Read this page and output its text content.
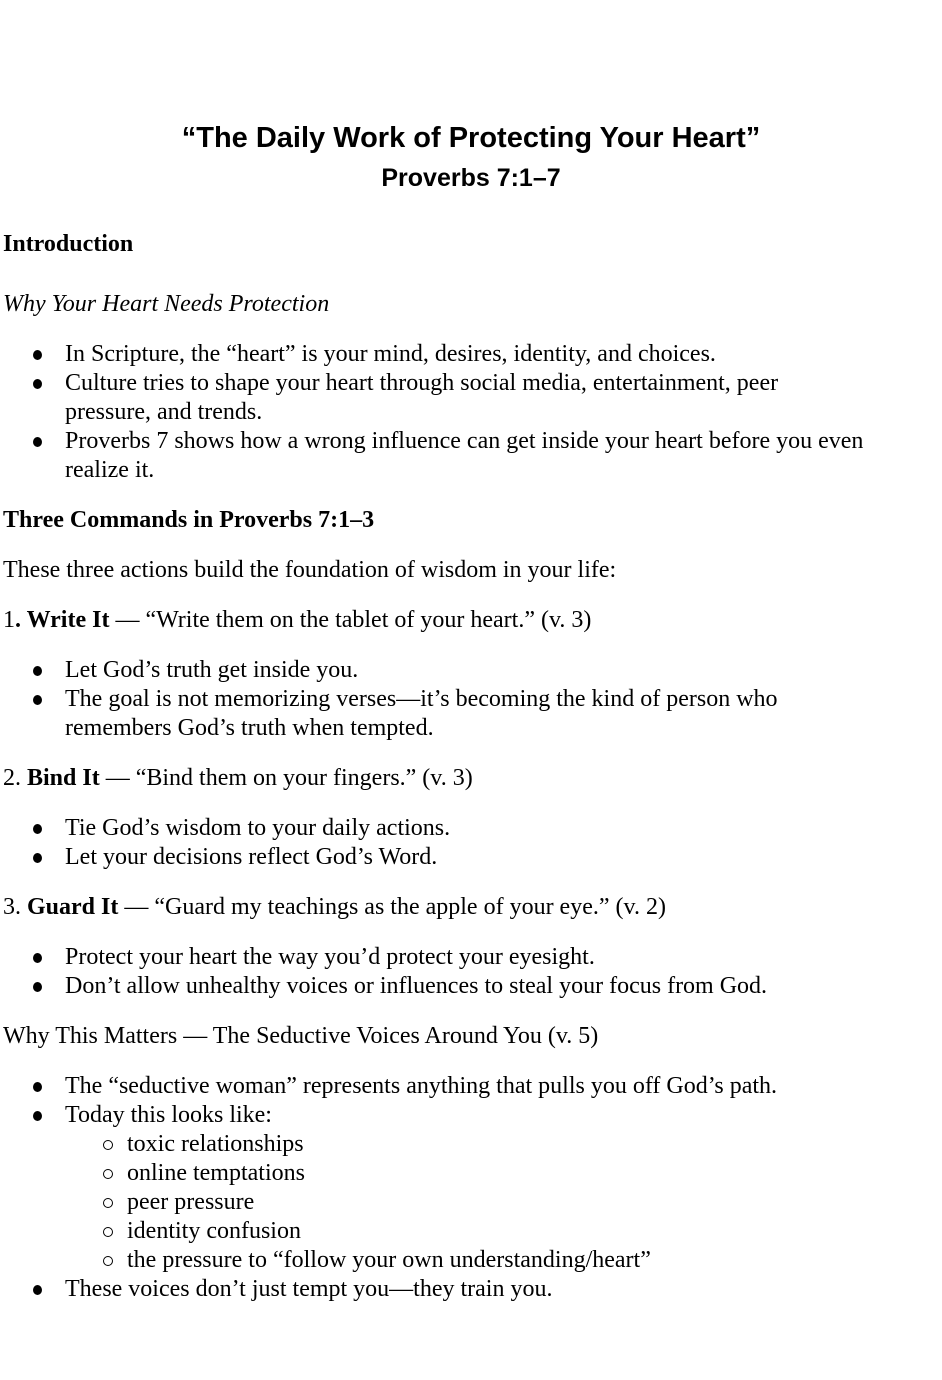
“The Daily Work of Protecting Your Heart”
Proverbs 7:1–7
Introduction
Why Your Heart Needs Protection
In Scripture, the “heart” is your mind, desires, identity, and choices.
Culture tries to shape your heart through social media, entertainment, peer
pressure, and trends.
Proverbs 7 shows how a wrong influence can get inside your heart before you even
realize it.
Three Commands in Proverbs 7:1–3
These three actions build the foundation of wisdom in your life:
1. Write It — “Write them on the tablet of your heart.” (v. 3)
Let God’s truth get inside you.
The goal is not memorizing verses—it’s becoming the kind of person who
remembers God’s truth when tempted.
2. Bind It — “Bind them on your fingers.” (v. 3)
Tie God’s wisdom to your daily actions.
Let your decisions reflect God’s Word.
3. Guard It — “Guard my teachings as the apple of your eye.” (v. 2)
Protect your heart the way you’d protect your eyesight.
Don’t allow unhealthy voices or influences to steal your focus from God.
Why This Matters — The Seductive Voices Around You (v. 5)
The “seductive woman” represents anything that pulls you off God’s path.
Today this looks like:
toxic relationships
online temptations
peer pressure
identity confusion
the pressure to “follow your own understanding/heart”
These voices don’t just tempt you—they train you.
